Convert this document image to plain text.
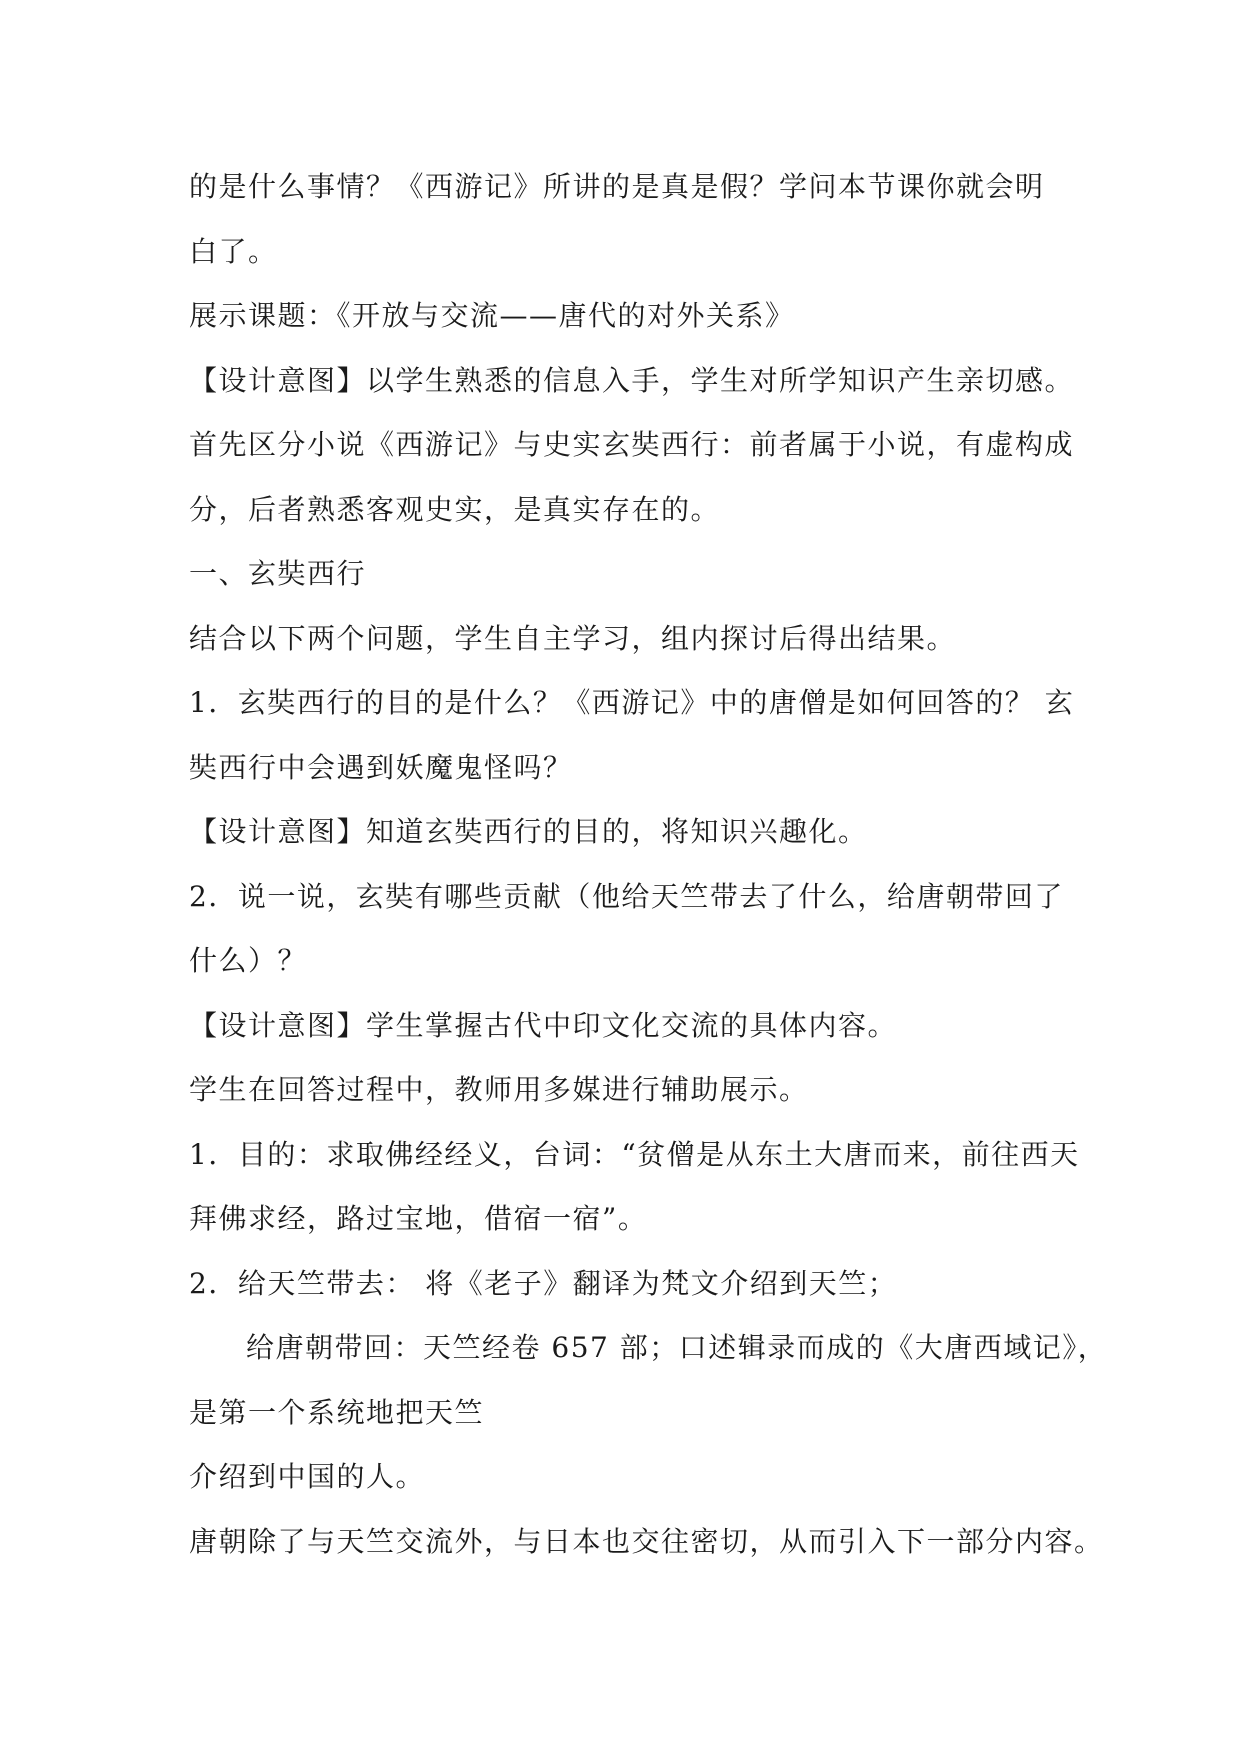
的是什么事情？《西游记》所讲的是真是假？学问本节课你就会明
白了。
展示课题：《开放与交流——唐代的对外关系》
【设计意图】以学生熟悉的信息入手，学生对所学知识产生亲切感。
首先区分小说《西游记》与史实玄奘西行：前者属于小说，有虚构成
分，后者熟悉客观史实，是真实存在的。
一、玄奘西行
结合以下两个问题，学生自主学习，组内探讨后得出结果。
1．玄奘西行的目的是什么？《西游记》中的唐僧是如何回答的？ 玄
奘西行中会遇到妖魔鬼怪吗？
【设计意图】知道玄奘西行的目的，将知识兴趣化。
2．说一说，玄奘有哪些贡献（他给天竺带去了什么，给唐朝带回了
什么）？
【设计意图】学生掌握古代中印文化交流的具体内容。
学生在回答过程中，教师用多媒进行辅助展示。
1．目的：求取佛经经义，台词：“贫僧是从东土大唐而来，前往西天
拜佛求经，路过宝地，借宿一宿”。
2．给天竺带去： 将《老子》翻译为梵文介绍到天竺；
给唐朝带回：天竺经卷 657 部；口述辑录而成的《大唐西域记》，
是第一个系统地把天竺
介绍到中国的人。
唐朝除了与天竺交流外，与日本也交往密切，从而引入下一部分内容。
